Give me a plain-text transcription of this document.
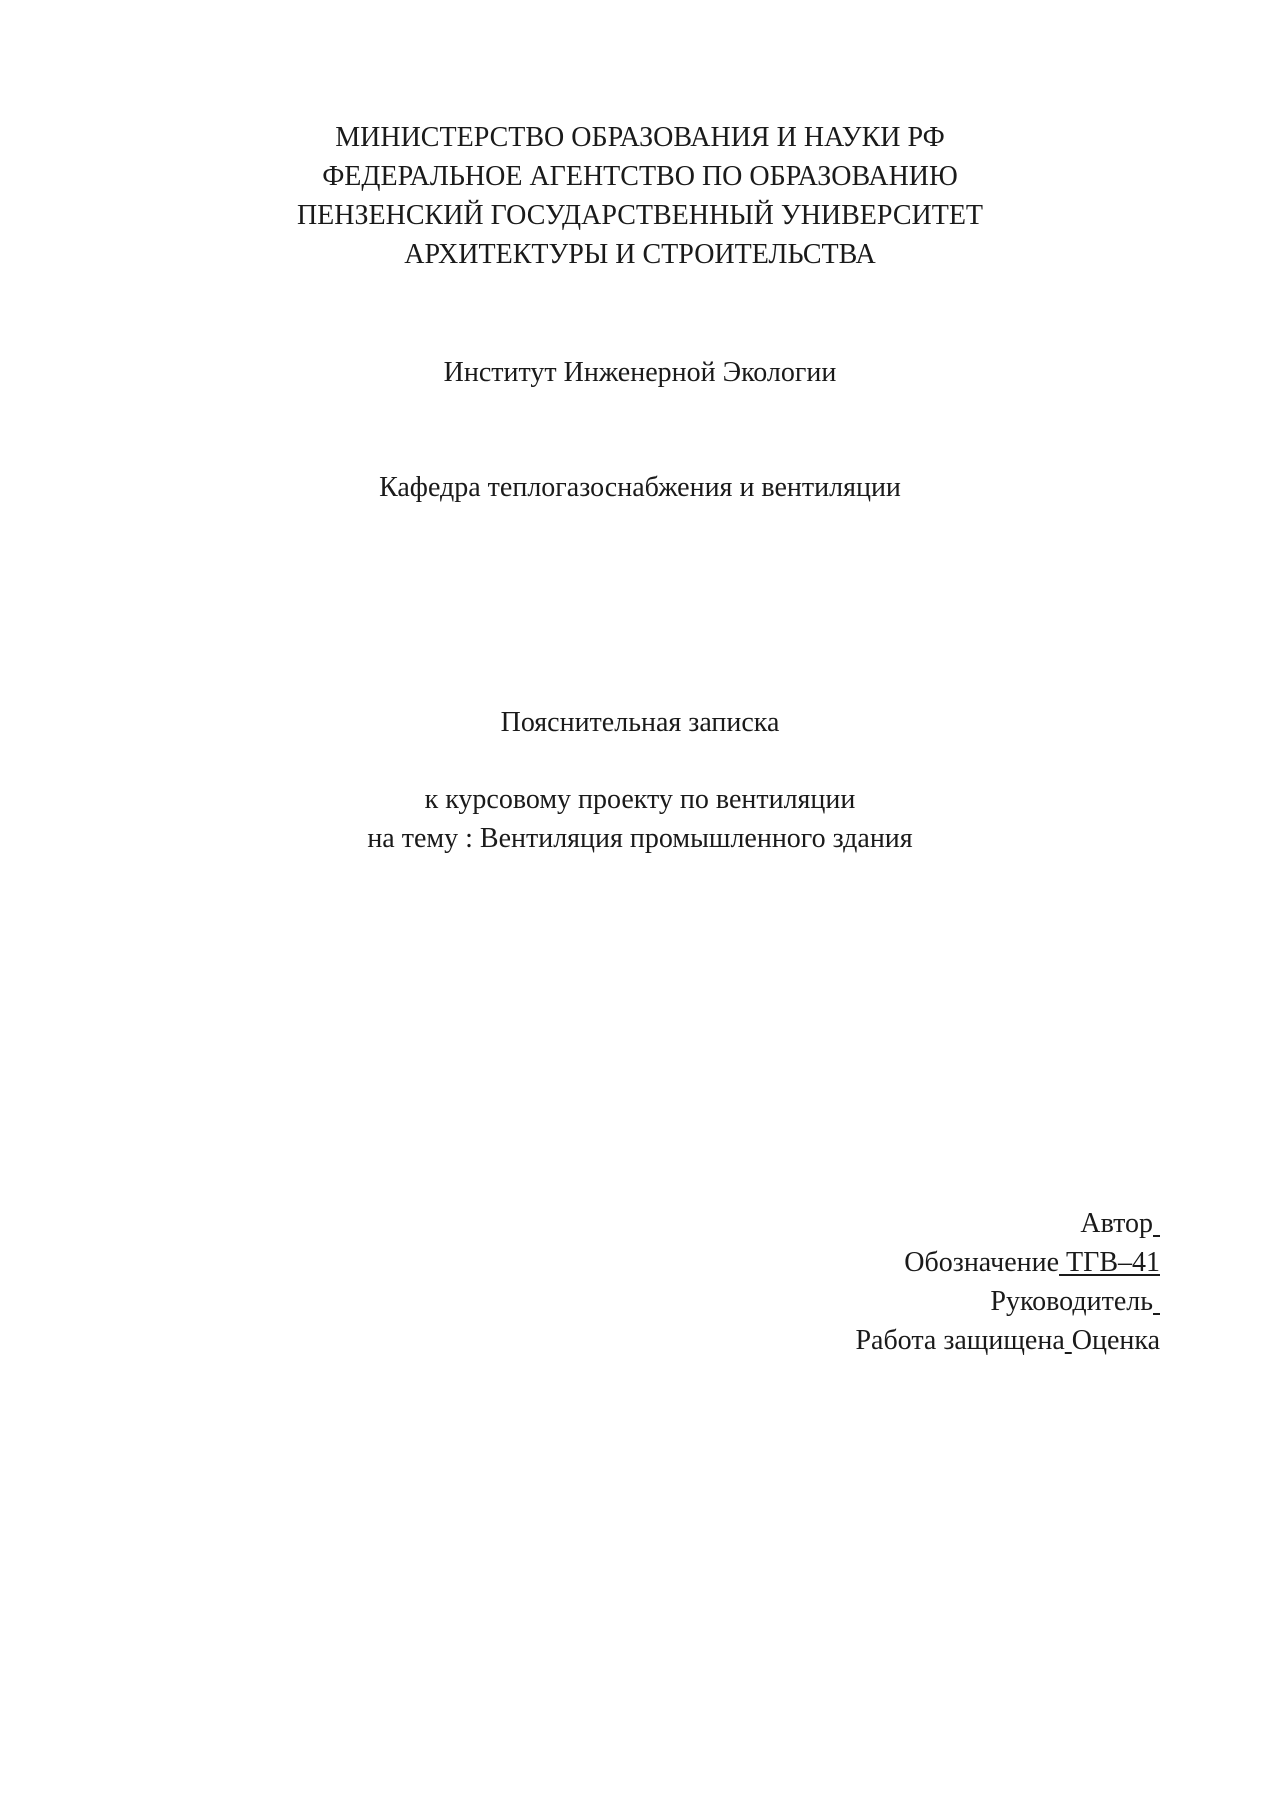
МИНИСТЕРСТВО ОБРАЗОВАНИЯ И НАУКИ РФ
ФЕДЕРАЛЬНОЕ АГЕНТСТВО ПО ОБРАЗОВАНИЮ
ПЕНЗЕНСКИЙ ГОСУДАРСТВЕННЫЙ УНИВЕРСИТЕТ
АРХИТЕКТУРЫ И СТРОИТЕЛЬСТВА
Институт Инженерной Экологии
Кафедра теплогазоснабжения и вентиляции
Пояснительная записка
к курсовому проекту по вентиляции
на тему : Вентиляция промышленного здания
Автор
Обозначение ТГВ–41
Руководитель
Работа защищена Оценка
